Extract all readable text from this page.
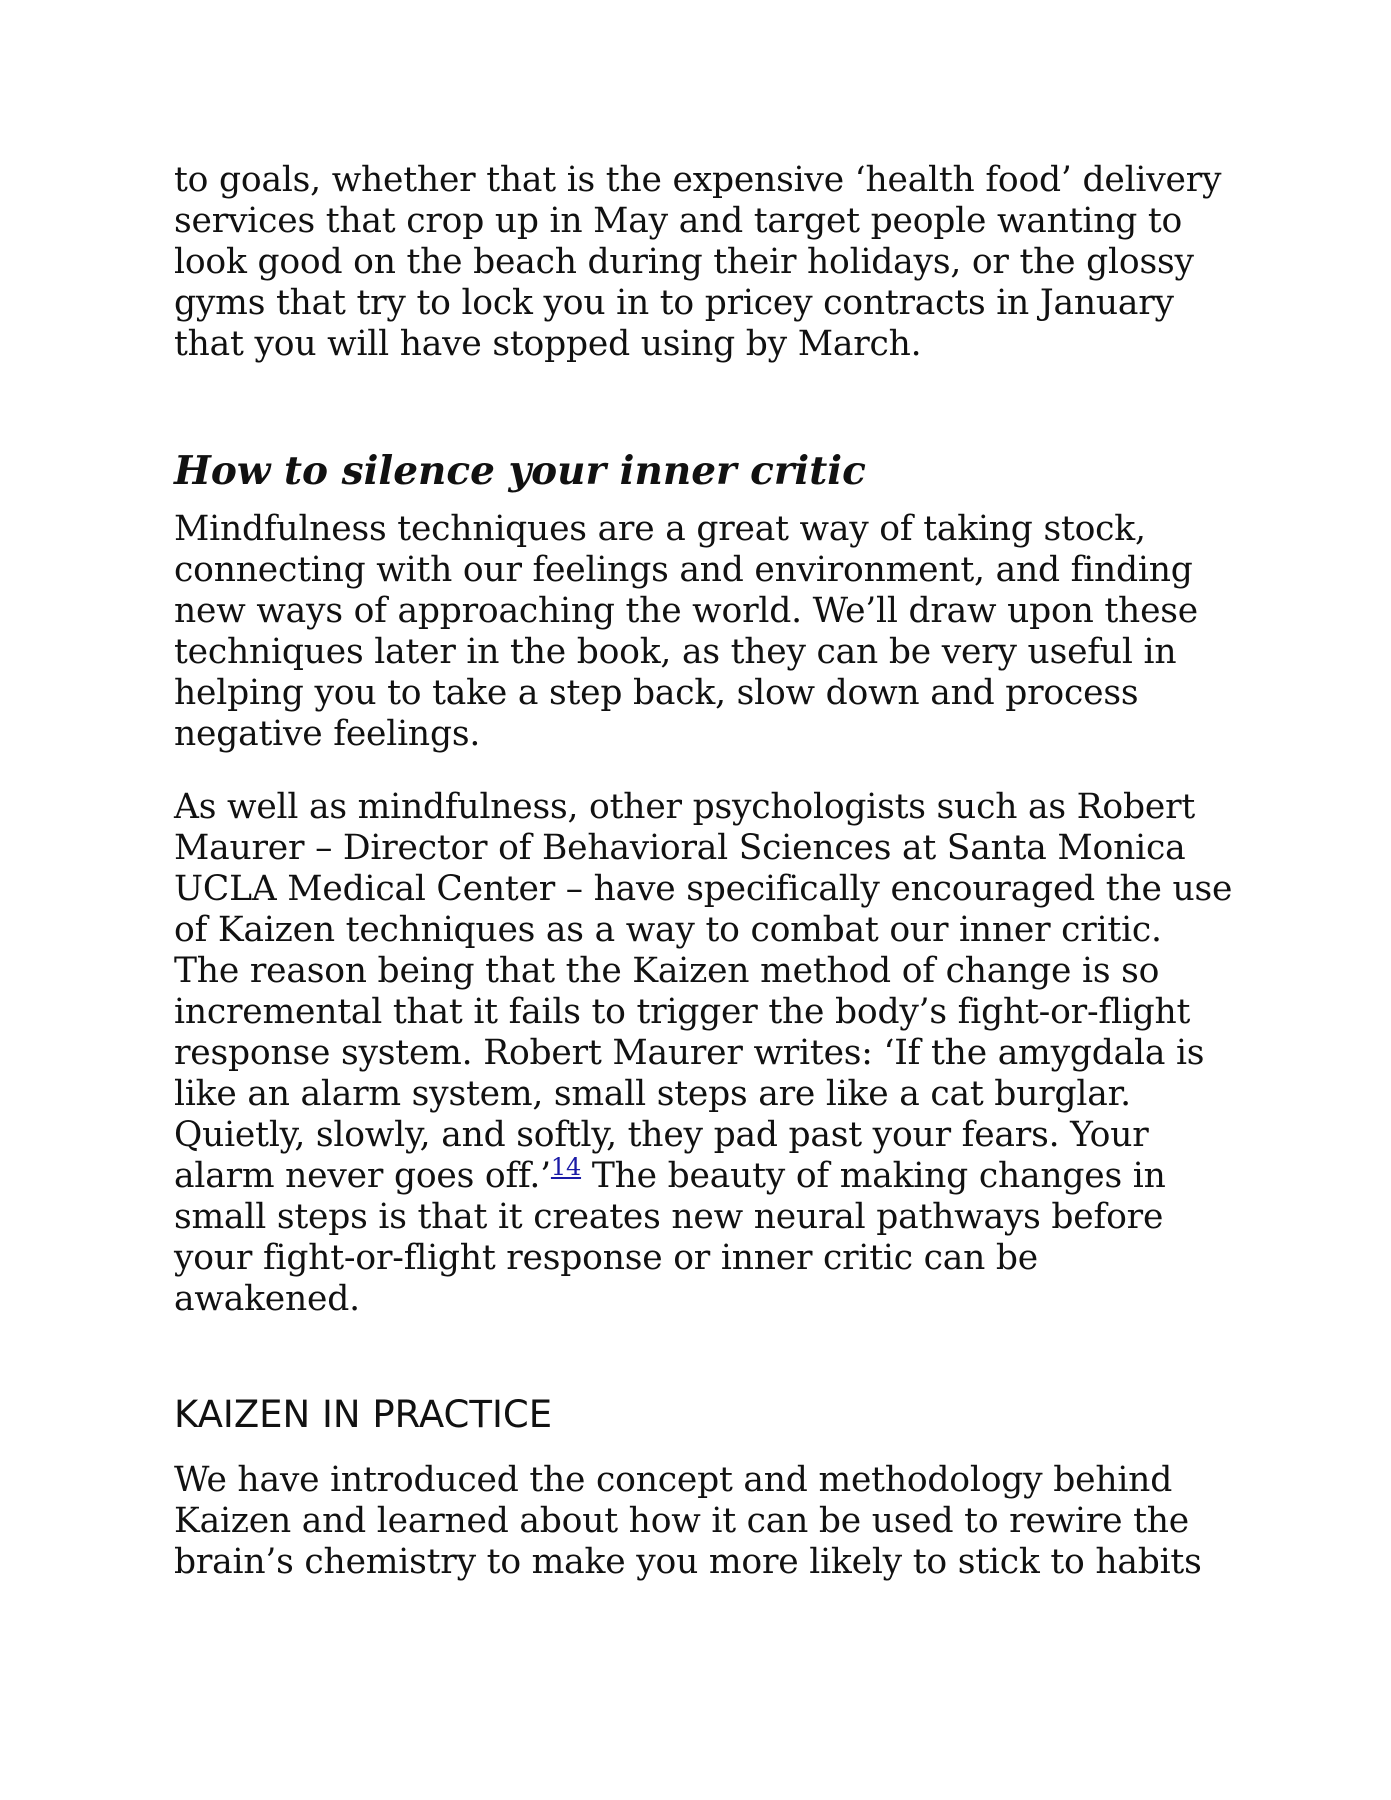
to goals, whether that is the expensive ‘health food’ delivery services that crop up in May and target people wanting to look good on the beach during their holidays, or the glossy gyms that try to lock you in to pricey contracts in January that you will have stopped using by March.

How to silence your inner critic

Mindfulness techniques are a great way of taking stock, connecting with our feelings and environment, and finding new ways of approaching the world. We’ll draw upon these techniques later in the book, as they can be very useful in helping you to take a step back, slow down and process negative feelings.

As well as mindfulness, other psychologists such as Robert Maurer – Director of Behavioral Sciences at Santa Monica UCLA Medical Center – have specifically encouraged the use of Kaizen techniques as a way to combat our inner critic. The reason being that the Kaizen method of change is so incremental that it fails to trigger the body’s fight-or-flight response system. Robert Maurer writes: ‘If the amygdala is like an alarm system, small steps are like a cat burglar. Quietly, slowly, and softly, they pad past your fears. Your alarm never goes off.’$^{14}$ The beauty of making changes in small steps is that it creates new neural pathways before your fight-or-flight response or inner critic can be awakened.

KAIZEN IN PRACTICE

We have introduced the concept and methodology behind Kaizen and learned about how it can be used to rewire the brain’s chemistry to make you more likely to stick to habits
